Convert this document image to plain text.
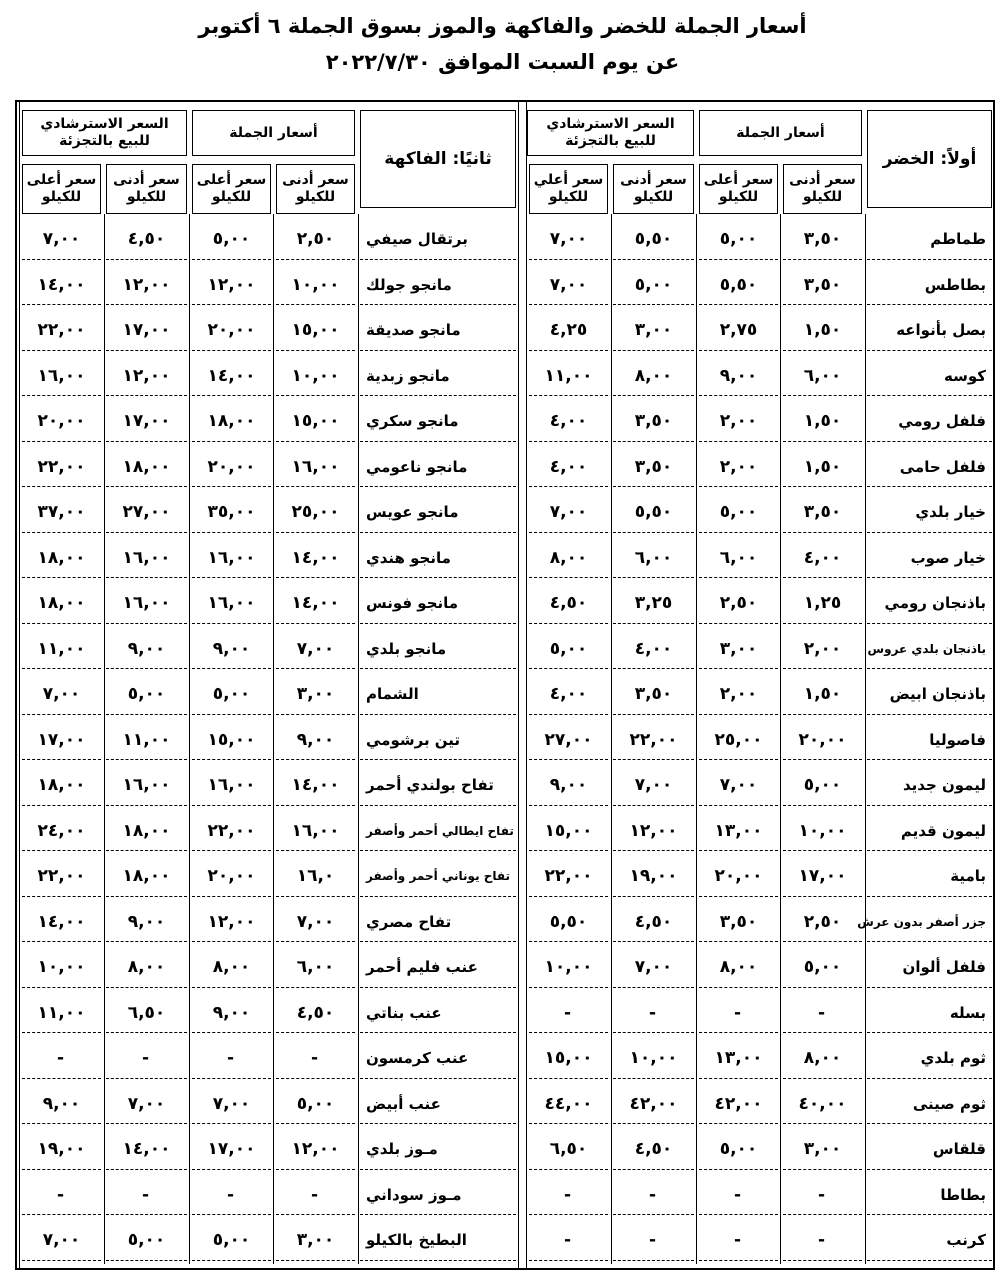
أسعار الجملة للخضر والفاكهة والموز بسوق الجملة ٦ أكتوبر
عن يوم السبت الموافق ٢٠٢٢/٧/٣٠
أولاً: الخضر
أسعار الجملة
السعر الاسترشادي للبيع بالتجزئة
سعر أدنى للكيلو
سعر أعلى للكيلو
سعر أدنى للكيلو
سعر أعلي للكيلو
طماطم
٣,٥٠
٥,٠٠
٥,٥٠
٧,٠٠
بطاطس
٣,٥٠
٥,٥٠
٥,٠٠
٧,٠٠
بصل بأنواعه
١,٥٠
٢,٧٥
٣,٠٠
٤,٢٥
كوسه
٦,٠٠
٩,٠٠
٨,٠٠
١١,٠٠
فلفل رومي
١,٥٠
٢,٠٠
٣,٥٠
٤,٠٠
فلفل حامى
١,٥٠
٢,٠٠
٣,٥٠
٤,٠٠
خيار بلدي
٣,٥٠
٥,٠٠
٥,٥٠
٧,٠٠
خيار صوب
٤,٠٠
٦,٠٠
٦,٠٠
٨,٠٠
باذنجان رومي
١,٢٥
٢,٥٠
٣,٢٥
٤,٥٠
باذنجان بلدي عروس
٢,٠٠
٣,٠٠
٤,٠٠
٥,٠٠
باذنجان ابيض
١,٥٠
٢,٠٠
٣,٥٠
٤,٠٠
فاصوليا
٢٠,٠٠
٢٥,٠٠
٢٢,٠٠
٢٧,٠٠
ليمون جديد
٥,٠٠
٧,٠٠
٧,٠٠
٩,٠٠
ليمون قديم
١٠,٠٠
١٣,٠٠
١٢,٠٠
١٥,٠٠
بامية
١٧,٠٠
٢٠,٠٠
١٩,٠٠
٢٢,٠٠
جزر أصفر بدون عرش
٢,٥٠
٣,٥٠
٤,٥٠
٥,٥٠
فلفل ألوان
٥,٠٠
٨,٠٠
٧,٠٠
١٠,٠٠
بسله
-
-
-
-
ثوم بلدي
٨,٠٠
١٣,٠٠
١٠,٠٠
١٥,٠٠
ثوم صينى
٤٠,٠٠
٤٢,٠٠
٤٢,٠٠
٤٤,٠٠
قلقاس
٣,٠٠
٥,٠٠
٤,٥٠
٦,٥٠
بطاطا
-
-
-
-
كرنب
-
-
-
-
ثانيًا: الفاكهة
أسعار الجملة
السعر الاسترشادي للبيع بالتجزئة
سعر أدنى للكيلو
سعر أعلى للكيلو
سعر أدنى للكيلو
سعر أعلى للكيلو
برتقال صيفي
٢,٥٠
٥,٠٠
٤,٥٠
٧,٠٠
مانجو جولك
١٠,٠٠
١٢,٠٠
١٢,٠٠
١٤,٠٠
مانجو صديقة
١٥,٠٠
٢٠,٠٠
١٧,٠٠
٢٢,٠٠
مانجو زبدية
١٠,٠٠
١٤,٠٠
١٢,٠٠
١٦,٠٠
مانجو سكري
١٥,٠٠
١٨,٠٠
١٧,٠٠
٢٠,٠٠
مانجو ناعومي
١٦,٠٠
٢٠,٠٠
١٨,٠٠
٢٢,٠٠
مانجو عويس
٢٥,٠٠
٣٥,٠٠
٢٧,٠٠
٣٧,٠٠
مانجو هندي
١٤,٠٠
١٦,٠٠
١٦,٠٠
١٨,٠٠
مانجو فونس
١٤,٠٠
١٦,٠٠
١٦,٠٠
١٨,٠٠
مانجو بلدي
٧,٠٠
٩,٠٠
٩,٠٠
١١,٠٠
الشمام
٣,٠٠
٥,٠٠
٥,٠٠
٧,٠٠
تين برشومي
٩,٠٠
١٥,٠٠
١١,٠٠
١٧,٠٠
تفاح بولندي أحمر
١٤,٠٠
١٦,٠٠
١٦,٠٠
١٨,٠٠
تفاح ايطالي أحمر وأصفر
١٦,٠٠
٢٢,٠٠
١٨,٠٠
٢٤,٠٠
تفاح يوناني أحمر وأصفر
١٦,٠
٢٠,٠٠
١٨,٠٠
٢٢,٠٠
تفاح مصري
٧,٠٠
١٢,٠٠
٩,٠٠
١٤,٠٠
عنب فليم أحمر
٦,٠٠
٨,٠٠
٨,٠٠
١٠,٠٠
عنب بناتي
٤,٥٠
٩,٠٠
٦,٥٠
١١,٠٠
عنب كرمسون
-
-
-
-
عنب أبيض
٥,٠٠
٧,٠٠
٧,٠٠
٩,٠٠
مـوز بلدي
١٢,٠٠
١٧,٠٠
١٤,٠٠
١٩,٠٠
مـوز سوداني
-
-
-
-
البطيخ بالكيلو
٣,٠٠
٥,٠٠
٥,٠٠
٧,٠٠
